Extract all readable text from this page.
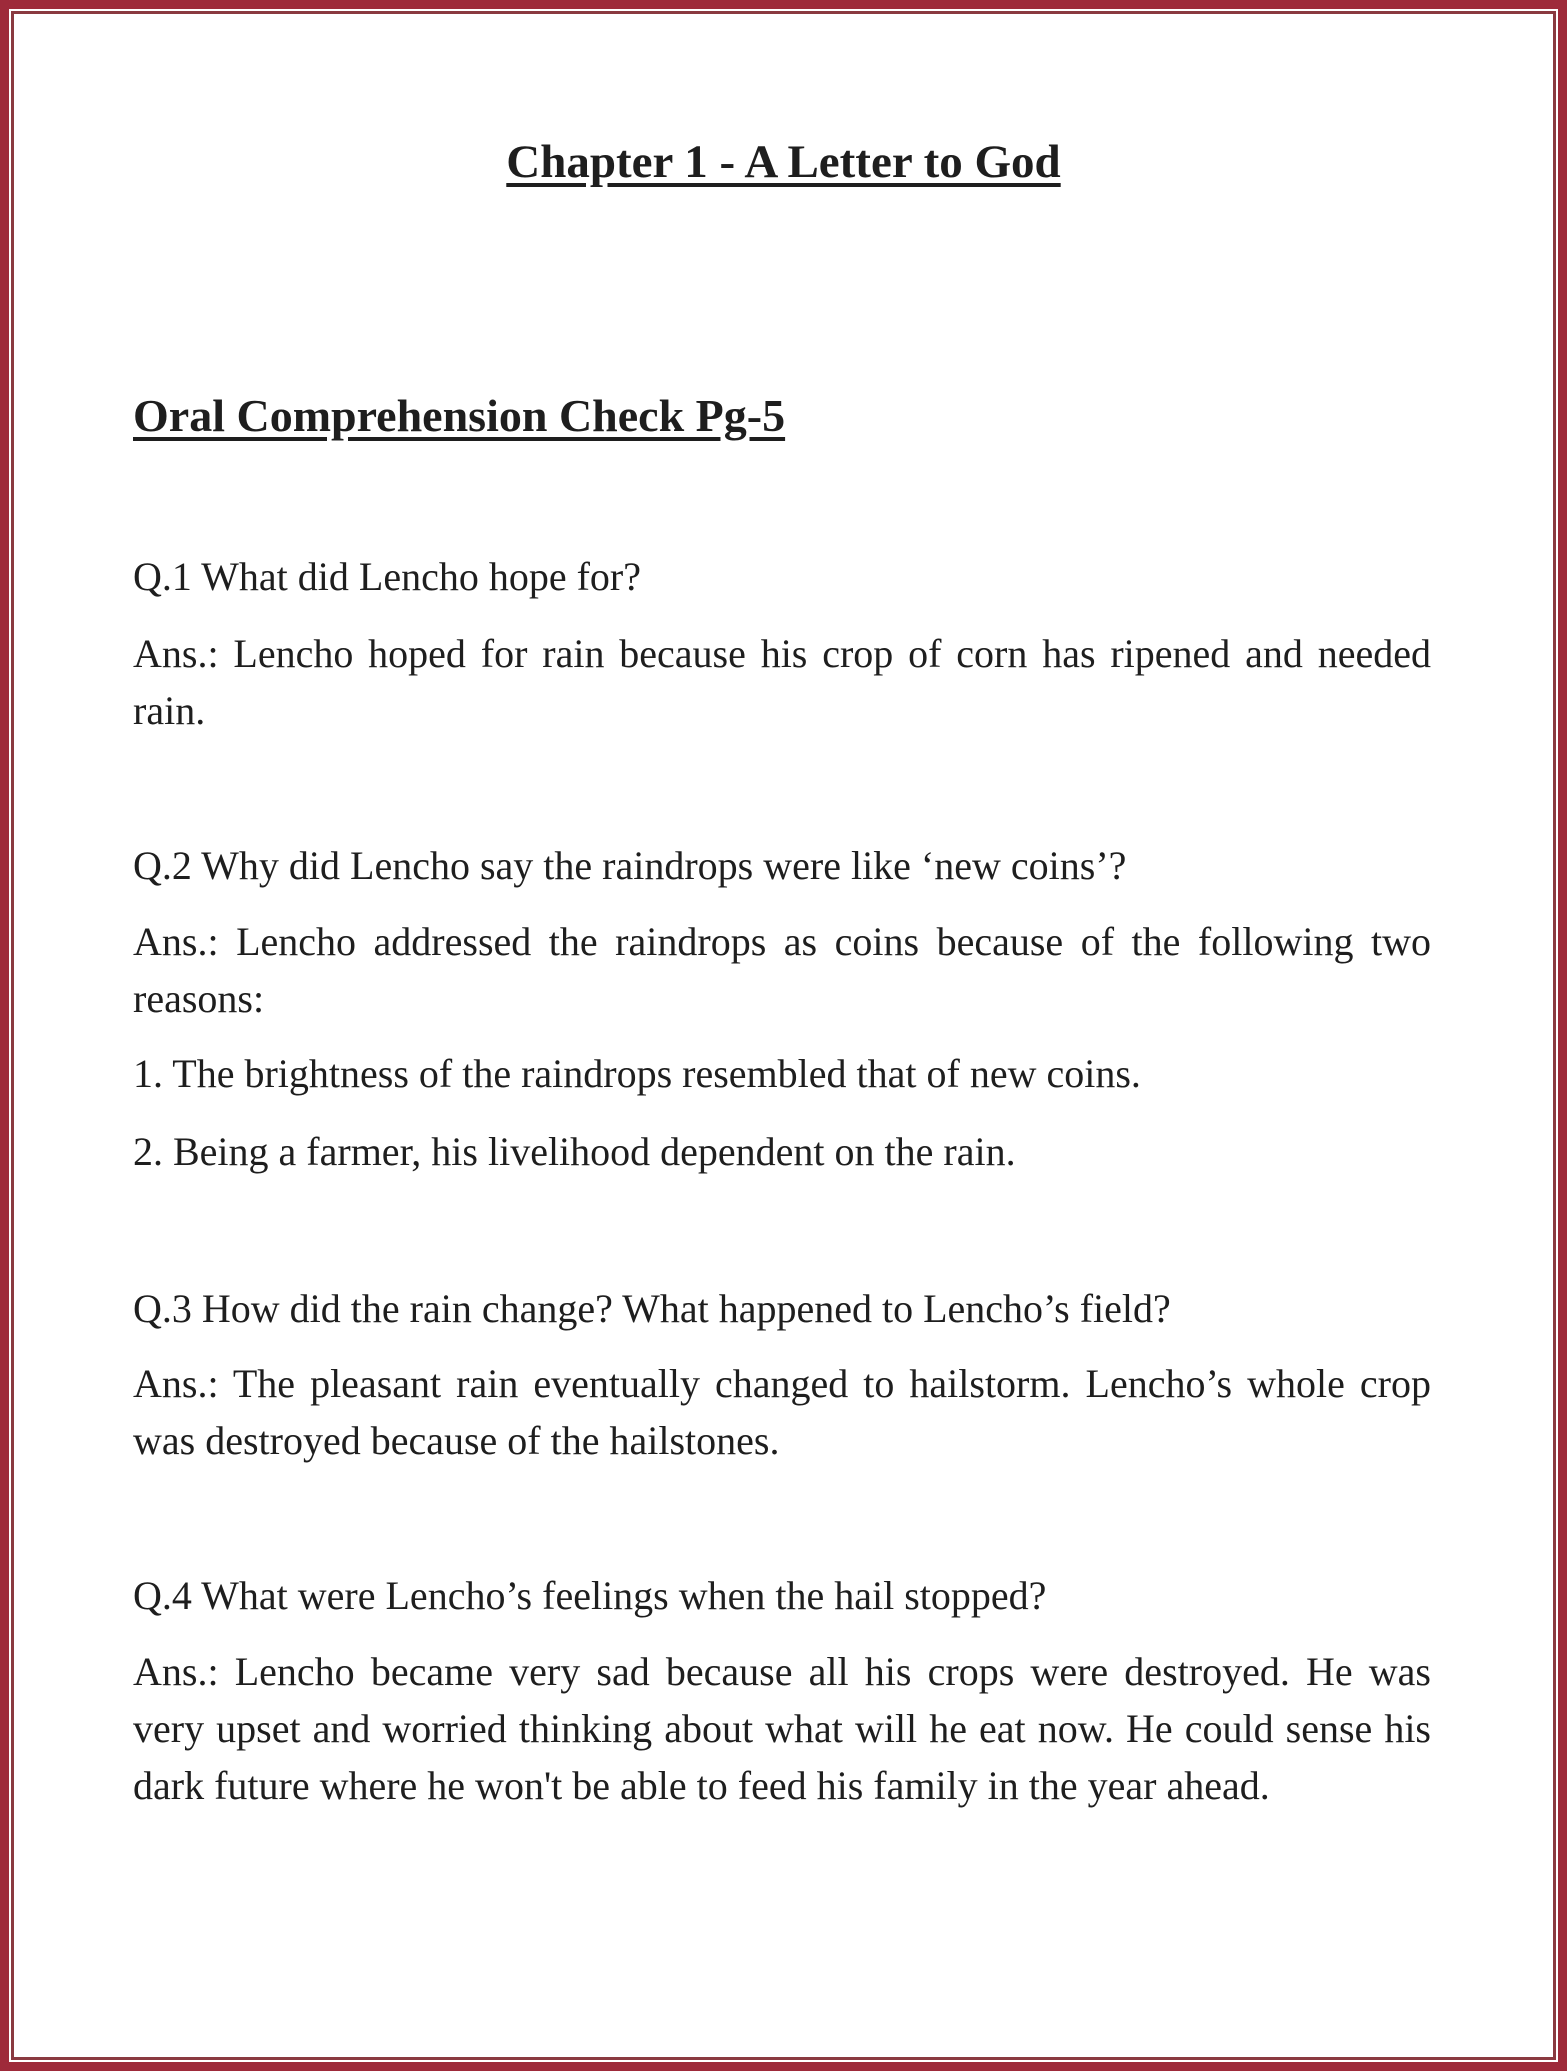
Chapter 1 - A Letter to God
Oral Comprehension Check Pg-5
Q.1 What did Lencho hope for?
Ans.: Lencho hoped for rain because his crop of corn has ripened and needed rain.
Q.2 Why did Lencho say the raindrops were like ‘new coins’?
Ans.: Lencho addressed the raindrops as coins because of the following two reasons:
1. The brightness of the raindrops resembled that of new coins.
2. Being a farmer, his livelihood dependent on the rain.
Q.3 How did the rain change? What happened to Lencho’s field?
Ans.: The pleasant rain eventually changed to hailstorm. Lencho’s whole crop was destroyed because of the hailstones.
Q.4 What were Lencho’s feelings when the hail stopped?
Ans.: Lencho became very sad because all his crops were destroyed. He was very upset and worried thinking about what will he eat now. He could sense his dark future where he won't be able to feed his family in the year ahead.
